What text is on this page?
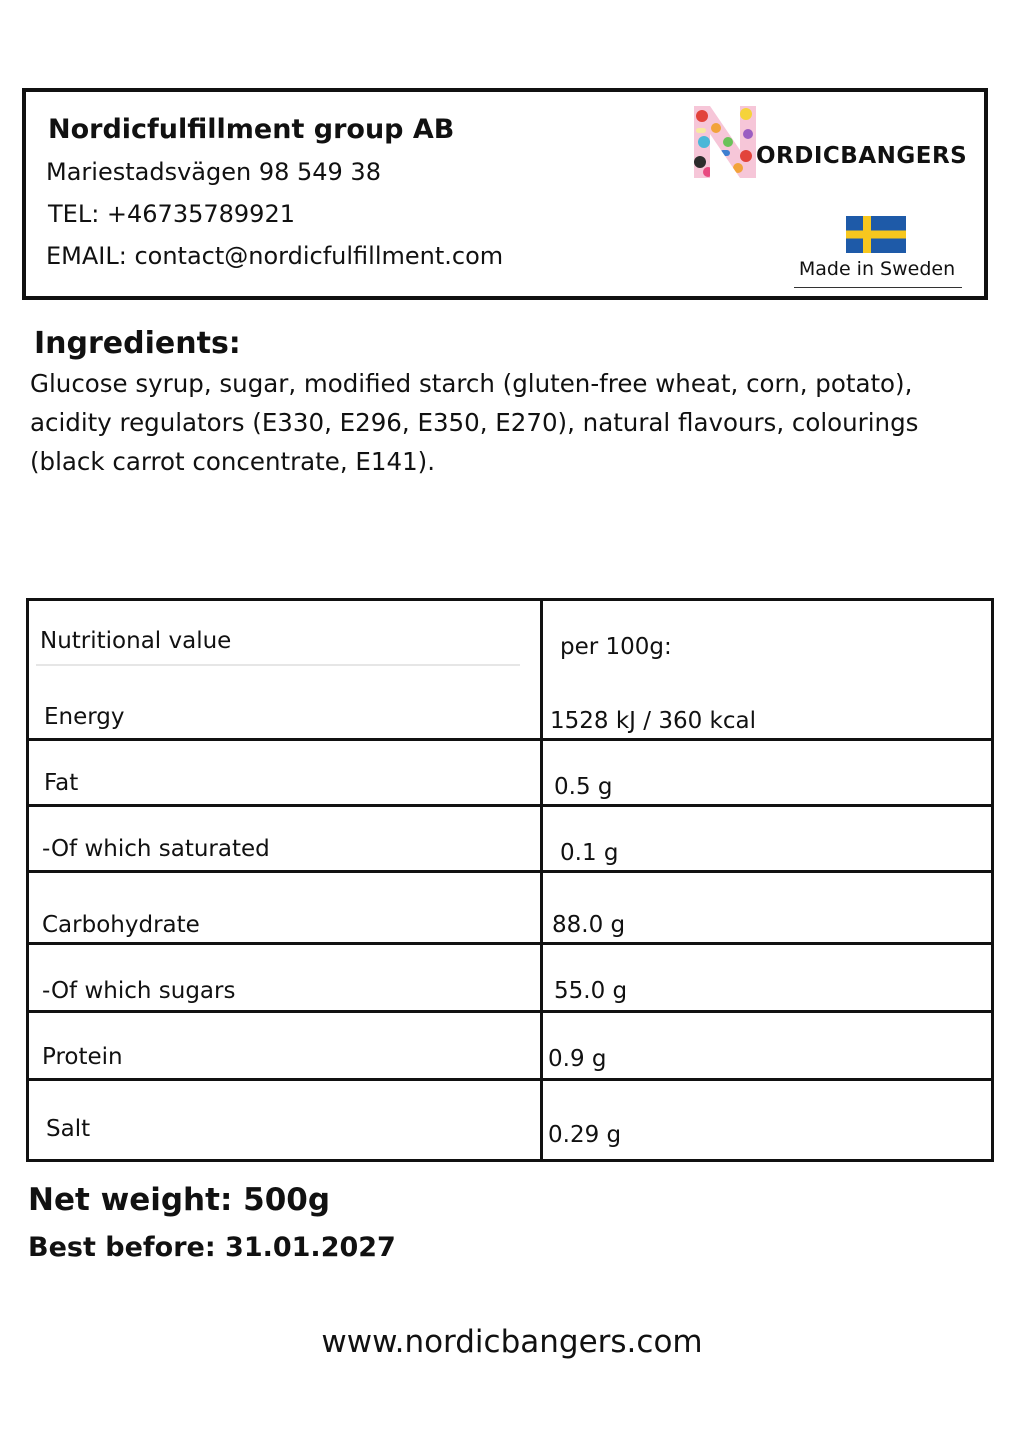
Nordicfulfillment group AB
Mariestadsvägen 98 549 38
TEL: +46735789921
EMAIL: contact@nordicfulfillment.com
ORDICBANGERS
Made in Sweden
Ingredients:
Glucose syrup, sugar, modified starch (gluten-free wheat, corn, potato), acidity regulators (E330, E296, E350, E270), natural flavours, colourings (black carrot concentrate, E141).
Nutritional value	per 100g:
Energy	1528 kJ / 360 kcal
Fat	0.5 g
-Of which saturated	0.1 g
Carbohydrate	88.0 g
-Of which sugars	55.0 g
Protein	0.9 g
Salt	0.29 g
Net weight: 500g
Best before: 31.01.2027
www.nordicbangers.com
